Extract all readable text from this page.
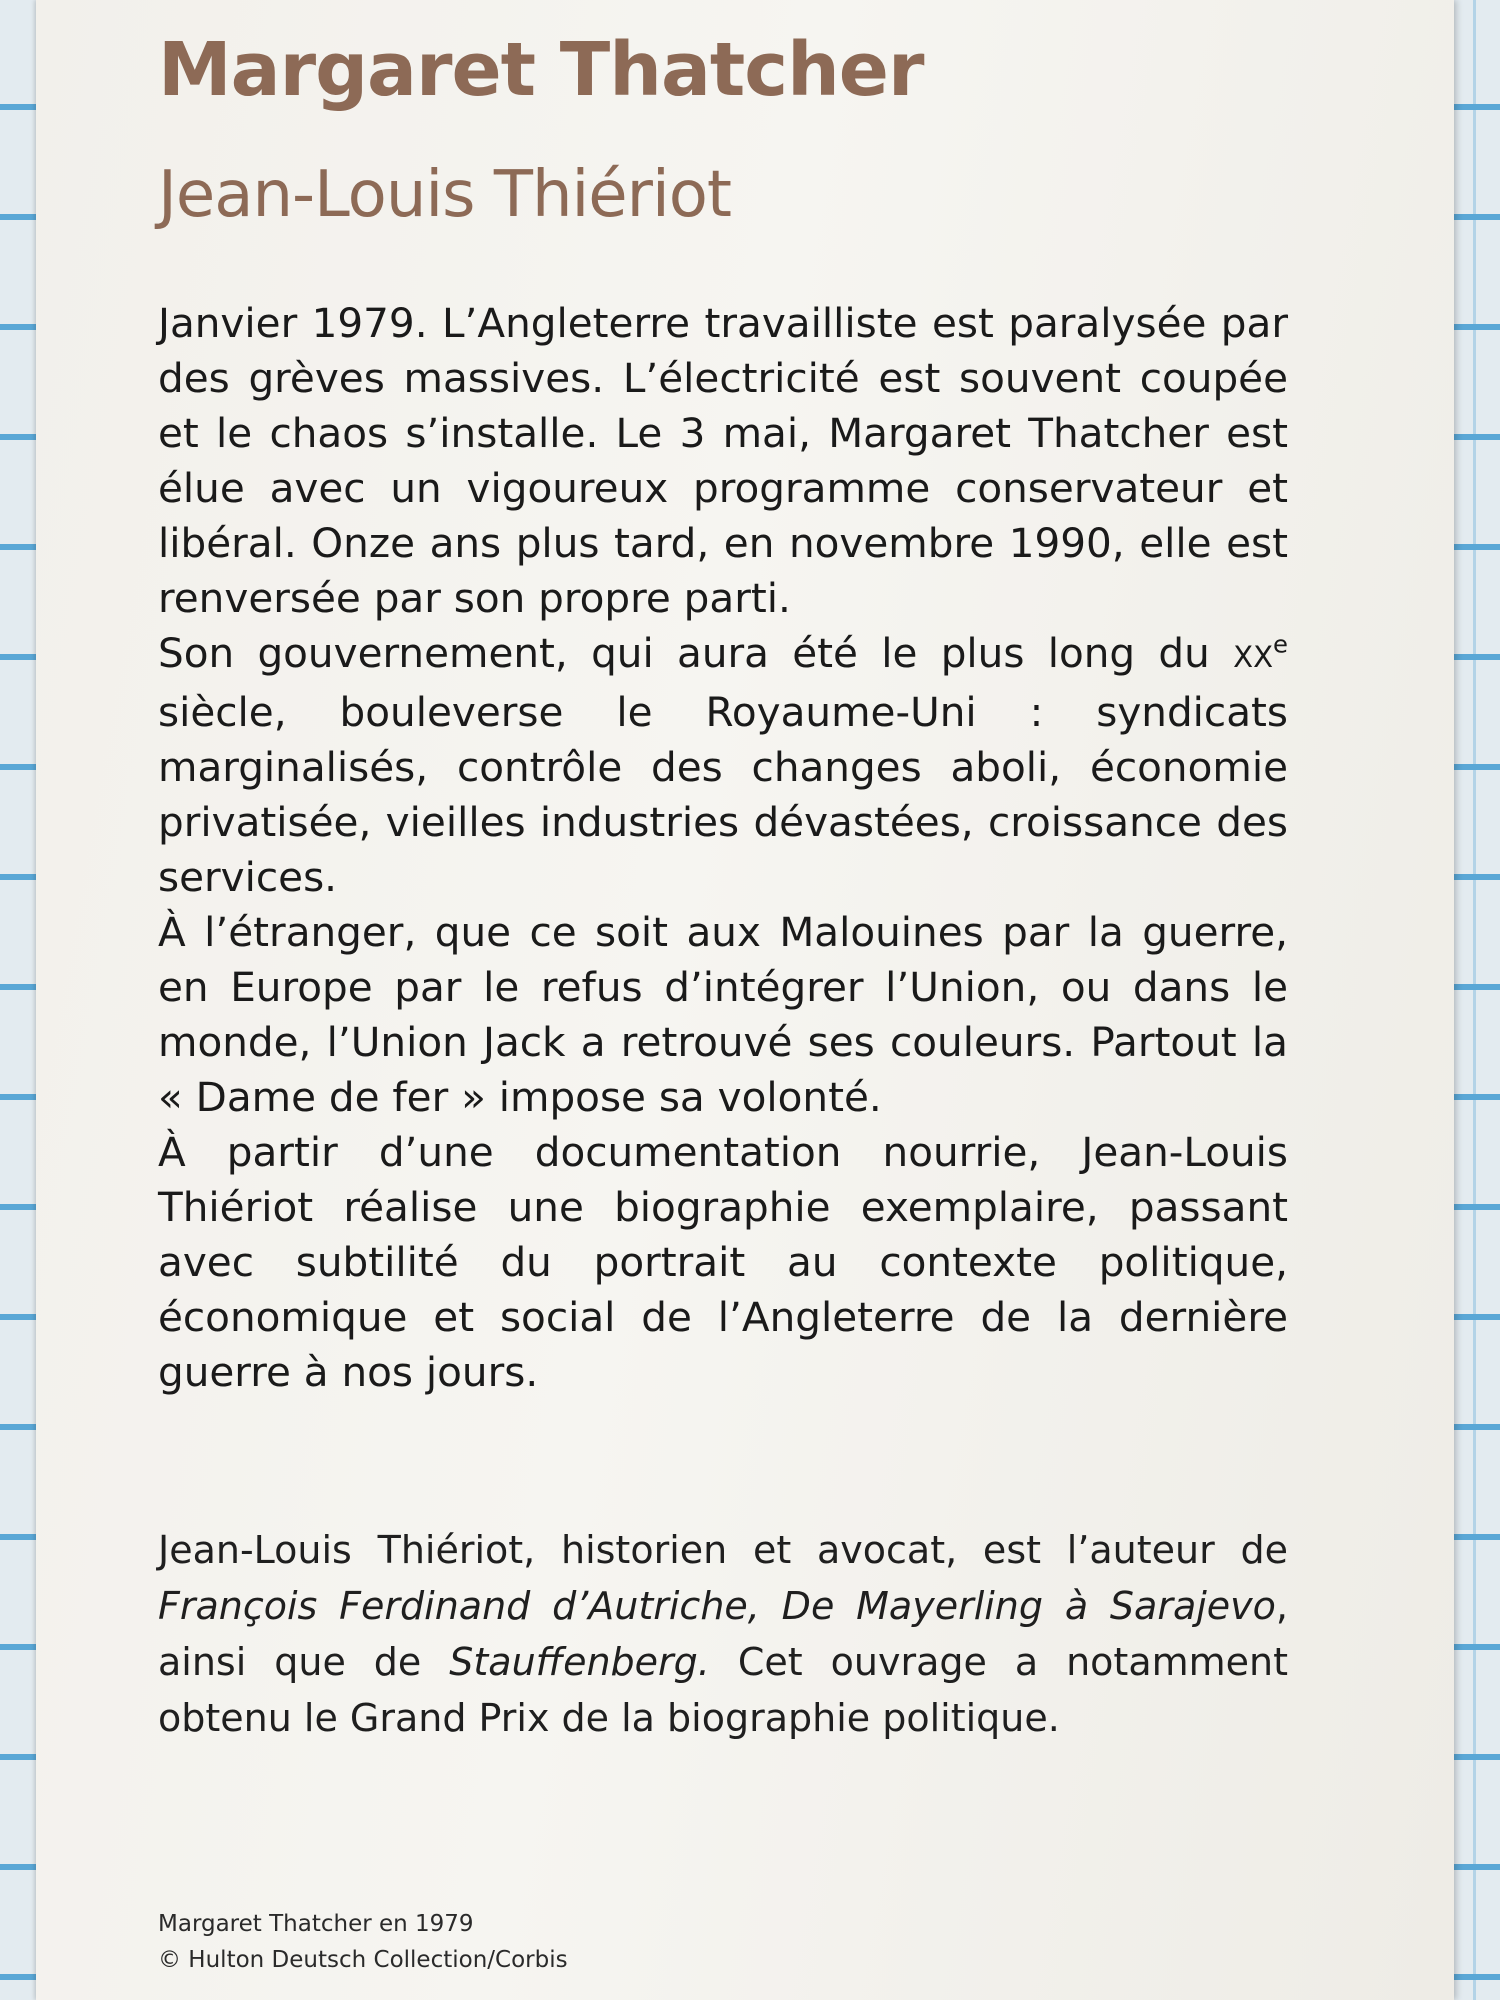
Margaret Thatcher
Jean-Louis Thiériot

Janvier 1979. L’Angleterre travailliste est paralysée par des grèves massives. L’électricité est souvent coupée et le chaos s’installe. Le 3 mai, Margaret Thatcher est élue avec un vigoureux programme conservateur et libéral. Onze ans plus tard, en novembre 1990, elle est renversée par son propre parti.

Son gouvernement, qui aura été le plus long du XXe siècle, bouleverse le Royaume-Uni : syndicats marginalisés, contrôle des changes aboli, économie privatisée, vieilles industries dévastées, croissance des services.

À l’étranger, que ce soit aux Malouines par la guerre, en Europe par le refus d’intégrer l’Union, ou dans le monde, l’Union Jack a retrouvé ses couleurs. Partout la « Dame de fer » impose sa volonté.

À partir d’une documentation nourrie, Jean-Louis Thiériot réalise une biographie exemplaire, passant avec subtilité du portrait au contexte politique, économique et social de l’Angleterre de la dernière guerre à nos jours.

Jean-Louis Thiériot, historien et avocat, est l’auteur de François Ferdinand d’Autriche, De Mayerling à Sarajevo, ainsi que de Stauffenberg. Cet ouvrage a notamment obtenu le Grand Prix de la biographie politique.

Margaret Thatcher en 1979
© Hulton Deutsch Collection/Corbis
